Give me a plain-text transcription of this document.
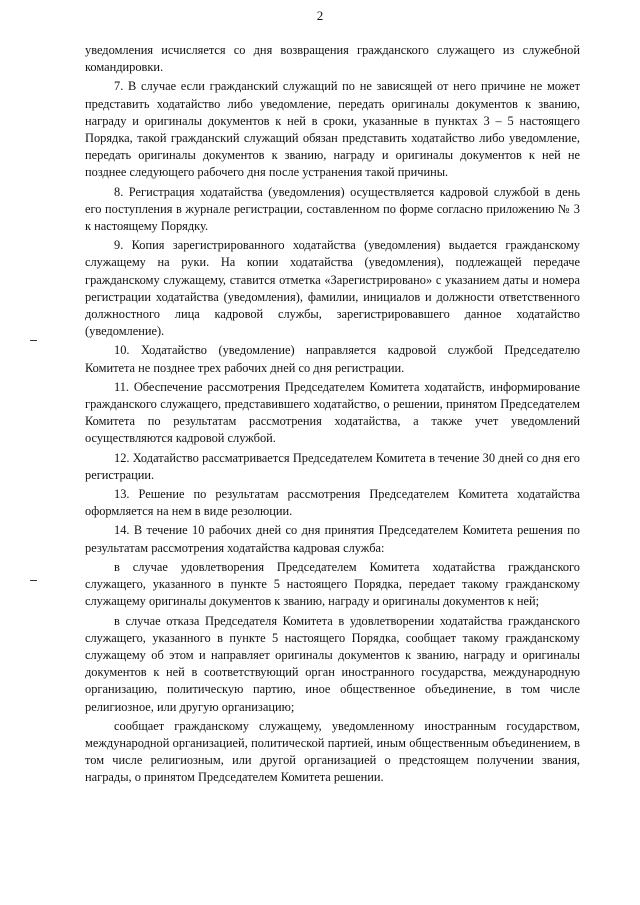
2

уведомления исчисляется со дня возвращения гражданского служащего из служебной командировки.

7. В случае если гражданский служащий по не зависящей от него причине не может представить ходатайство либо уведомление, передать оригиналы документов к званию, награду и оригиналы документов к ней в сроки, указанные в пунктах 3 – 5 настоящего Порядка, такой гражданский служащий обязан представить ходатайство либо уведомление, передать оригиналы документов к званию, награду и оригиналы документов к ней не позднее следующего рабочего дня после устранения такой причины.

8. Регистрация ходатайства (уведомления) осуществляется кадровой службой в день его поступления в журнале регистрации, составленном по форме согласно приложению № 3 к настоящему Порядку.

9. Копия зарегистрированного ходатайства (уведомления) выдается гражданскому служащему на руки. На копии ходатайства (уведомления), подлежащей передаче гражданскому служащему, ставится отметка «Зарегистрировано» с указанием даты и номера регистрации ходатайства (уведомления), фамилии, инициалов и должности ответственного должностного лица кадровой службы, зарегистрировавшего данное ходатайство (уведомление).

10. Ходатайство (уведомление) направляется кадровой службой Председателю Комитета не позднее трех рабочих дней со дня регистрации.

11. Обеспечение рассмотрения Председателем Комитета ходатайств, информирование гражданского служащего, представившего ходатайство, о решении, принятом Председателем Комитета по результатам рассмотрения ходатайства, а также учет уведомлений осуществляются кадровой службой.

12. Ходатайство рассматривается Председателем Комитета в течение 30 дней со дня его регистрации.

13. Решение по результатам рассмотрения Председателем Комитета ходатайства оформляется на нем в виде резолюции.

14. В течение 10 рабочих дней со дня принятия Председателем Комитета решения по результатам рассмотрения ходатайства кадровая служба:

в случае удовлетворения Председателем Комитета ходатайства гражданского служащего, указанного в пункте 5 настоящего Порядка, передает такому гражданскому служащему оригиналы документов к званию, награду и оригиналы документов к ней;

в случае отказа Председателя Комитета в удовлетворении ходатайства гражданского служащего, указанного в пункте 5 настоящего Порядка, сообщает такому гражданскому служащему об этом и направляет оригиналы документов к званию, награду и оригиналы документов к ней в соответствующий орган иностранного государства, международную организацию, политическую партию, иное общественное объединение, в том числе религиозное, или другую организацию;

сообщает гражданскому служащему, уведомленному иностранным государством, международной организацией, политической партией, иным общественным объединением, в том числе религиозным, или другой организацией о предстоящем получении звания, награды, о принятом Председателем Комитета решении.
